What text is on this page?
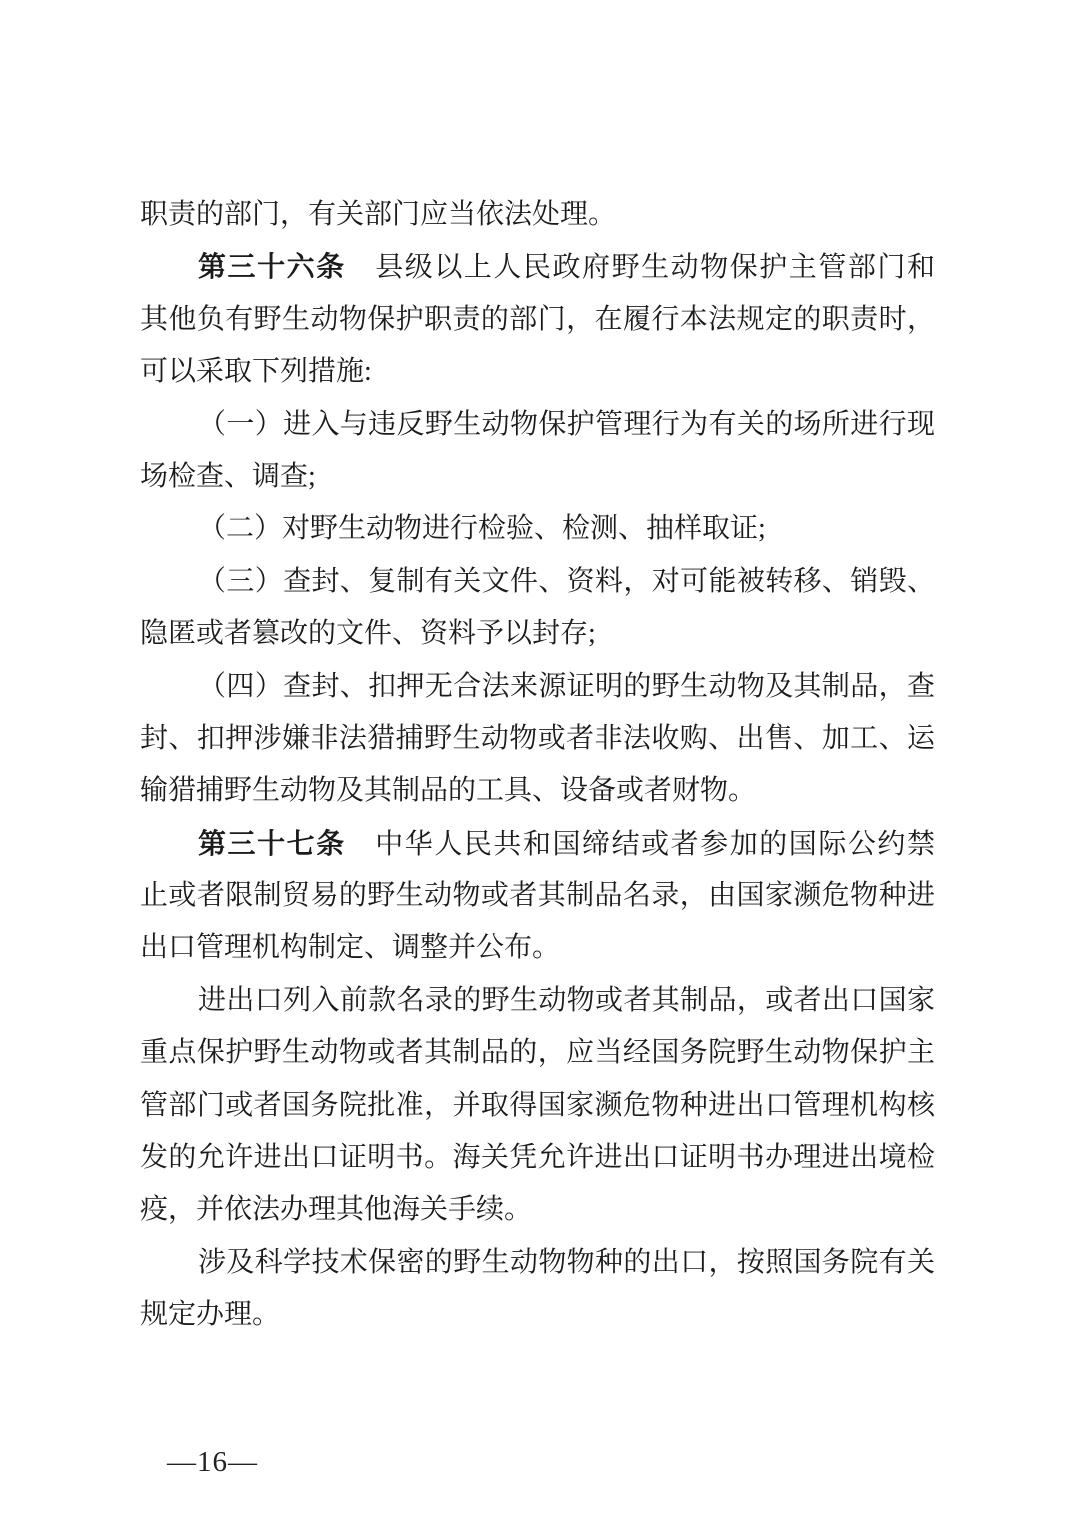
职责的部门，有关部门应当依法处理。
第三十六条　县级以上人民政府野生动物保护主管部门和
其他负有野生动物保护职责的部门，在履行本法规定的职责时，
可以采取下列措施:
（一）进入与违反野生动物保护管理行为有关的场所进行现
场检查、调查;
（二）对野生动物进行检验、检测、抽样取证;
（三）查封、复制有关文件、资料，对可能被转移、销毁、
隐匿或者篡改的文件、资料予以封存;
（四）查封、扣押无合法来源证明的野生动物及其制品，查
封、扣押涉嫌非法猎捕野生动物或者非法收购、出售、加工、运
输猎捕野生动物及其制品的工具、设备或者财物。
第三十七条　中华人民共和国缔结或者参加的国际公约禁
止或者限制贸易的野生动物或者其制品名录，由国家濒危物种进
出口管理机构制定、调整并公布。
进出口列入前款名录的野生动物或者其制品，或者出口国家
重点保护野生动物或者其制品的，应当经国务院野生动物保护主
管部门或者国务院批准，并取得国家濒危物种进出口管理机构核
发的允许进出口证明书。海关凭允许进出口证明书办理进出境检
疫，并依法办理其他海关手续。
涉及科学技术保密的野生动物物种的出口，按照国务院有关
规定办理。
—16—
